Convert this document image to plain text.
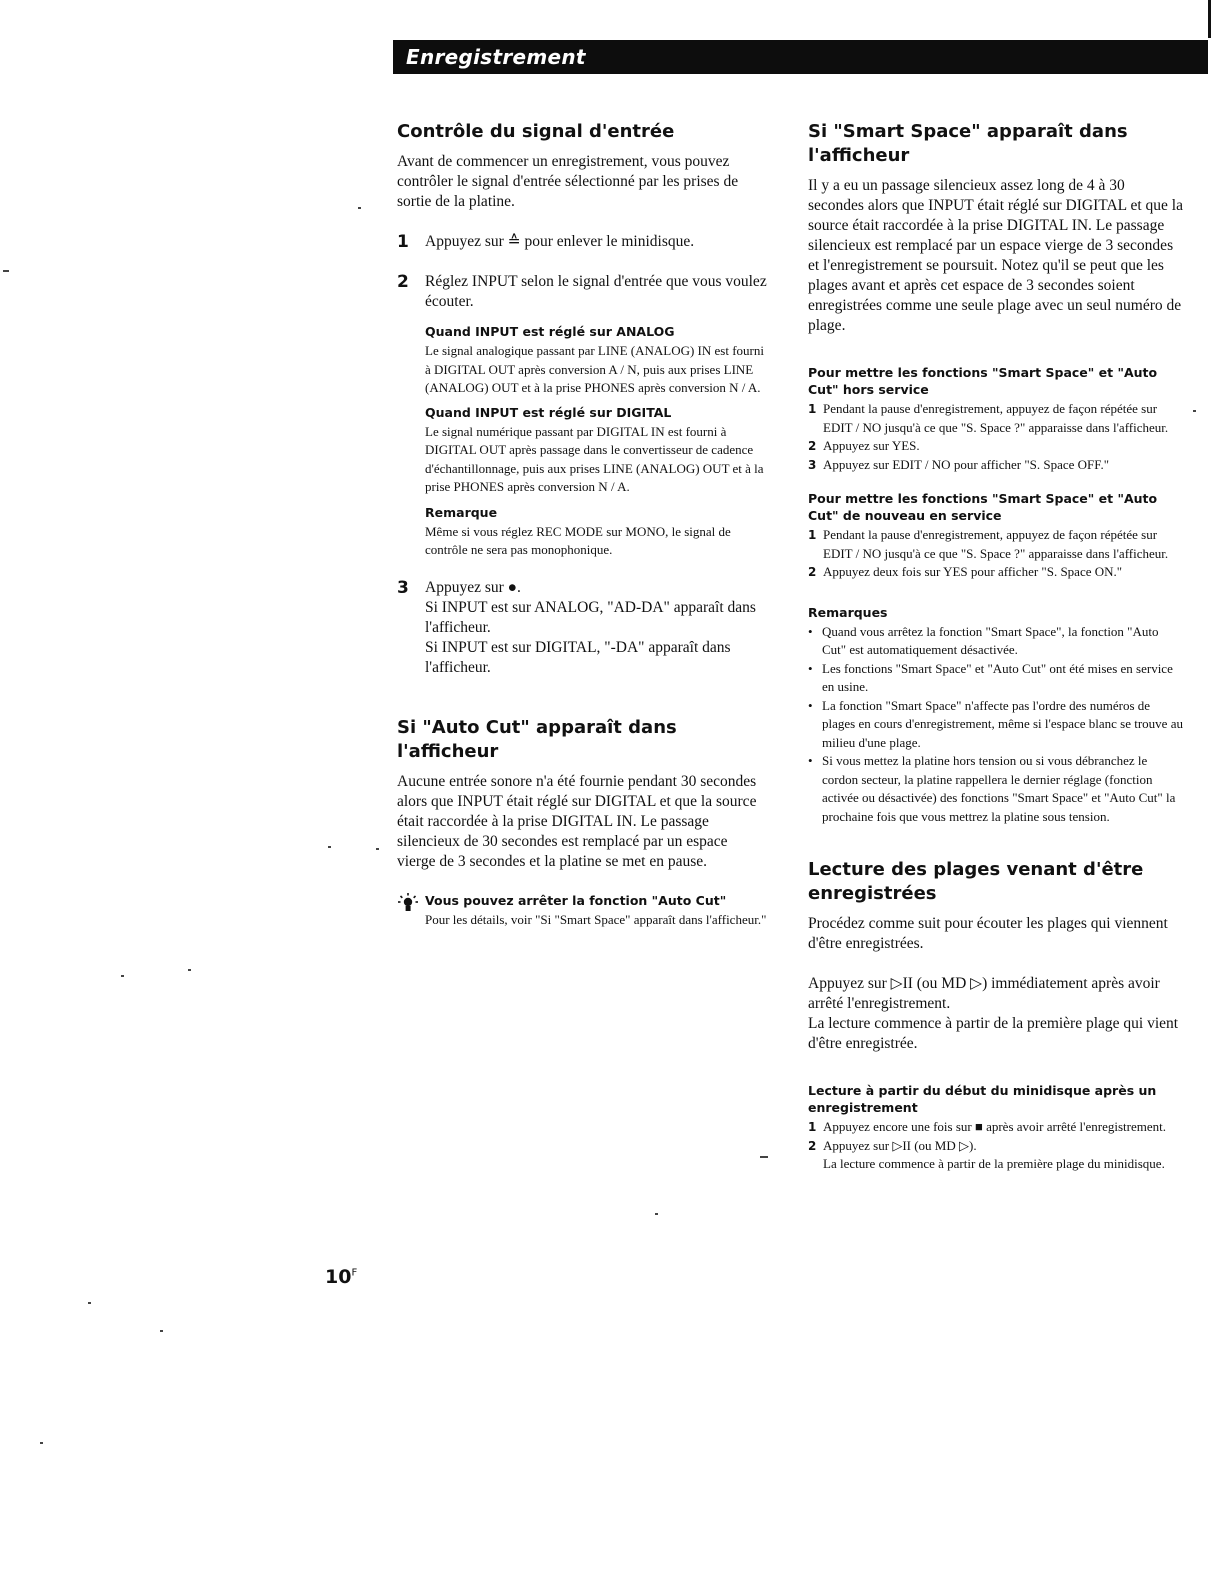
Enregistrement
Contrôle du signal d'entrée

Avant de commencer un enregistrement, vous pouvez contrôler le signal d'entrée sélectionné par les prises de sortie de la platine.

1	Appuyez sur ≙ pour enlever le minidisque.
2	Réglez INPUT selon le signal d'entrée que vous voulez écouter.

Quand INPUT est réglé sur ANALOG

Le signal analogique passant par LINE (ANALOG) IN est fourni à DIGITAL OUT après conversion A / N, puis aux prises LINE (ANALOG) OUT et à la prise PHONES après conversion N / A.

Quand INPUT est réglé sur DIGITAL

Le signal numérique passant par DIGITAL IN est fourni à DIGITAL OUT après passage dans le convertisseur de cadence d'échantillonnage, puis aux prises LINE (ANALOG) OUT et à la prise PHONES après conversion N / A.

Remarque

Même si vous réglez REC MODE sur MONO, le signal de contrôle ne sera pas monophonique.

3	Appuyez sur ●.

Si INPUT est sur ANALOG, "AD-DA" apparaît dans l'afficheur.

Si INPUT est sur DIGITAL, "-DA" apparaît dans l'afficheur.

Si "Auto Cut" apparaît dans l'afficheur

Aucune entrée sonore n'a été fournie pendant 30 secondes alors que INPUT était réglé sur DIGITAL et que la source était raccordée à la prise DIGITAL IN. Le passage silencieux de 30 secondes est remplacé par un espace vierge de 3 secondes et la platine se met en pause.

Vous pouvez arrêter la fonction "Auto Cut"

Pour les détails, voir "Si "Smart Space" apparaît dans l'afficheur."

Si "Smart Space" apparaît dans l'afficheur

Il y a eu un passage silencieux assez long de 4 à 30 secondes alors que INPUT était réglé sur DIGITAL et que la source était raccordée à la prise DIGITAL IN. Le passage silencieux est remplacé par un espace vierge de 3 secondes et l'enregistrement se poursuit. Notez qu'il se peut que les plages avant et après cet espace de 3 secondes soient enregistrées comme une seule plage avec un seul numéro de plage.

Pour mettre les fonctions "Smart Space" et "Auto Cut" hors service
1 Pendant la pause d'enregistrement, appuyez de façon répétée sur EDIT / NO jusqu'à ce que "S. Space ?" apparaisse dans l'afficheur.
2 Appuyez sur YES.
3 Appuyez sur EDIT / NO pour afficher "S. Space OFF."
Pour mettre les fonctions "Smart Space" et "Auto Cut" de nouveau en service
1 Pendant la pause d'enregistrement, appuyez de façon répétée sur EDIT / NO jusqu'à ce que "S. Space ?" apparaisse dans l'afficheur.
2 Appuyez deux fois sur YES pour afficher "S. Space ON."
Remarques
• Quand vous arrêtez la fonction "Smart Space", la fonction "Auto Cut" est automatiquement désactivée.
• Les fonctions "Smart Space" et "Auto Cut" ont été mises en service en usine.
• La fonction "Smart Space" n'affecte pas l'ordre des numéros de plages en cours d'enregistrement, même si l'espace blanc se trouve au milieu d'une plage.
• Si vous mettez la platine hors tension ou si vous débranchez le cordon secteur, la platine rappellera le dernier réglage (fonction activée ou désactivée) des fonctions "Smart Space" et "Auto Cut" la prochaine fois que vous mettrez la platine sous tension.
Lecture des plages venant d'être enregistrées

Procédez comme suit pour écouter les plages qui viennent d'être enregistrées.

Appuyez sur ▷II (ou MD ▷) immédiatement après avoir arrêté l'enregistrement.

La lecture commence à partir de la première plage qui vient d'être enregistrée.

Lecture à partir du début du minidisque après un enregistrement
1 Appuyez encore une fois sur ■ après avoir arrêté l'enregistrement.
2 Appuyez sur ▷II (ou MD ▷).
La lecture commence à partir de la première plage du minidisque.
$10^F$
